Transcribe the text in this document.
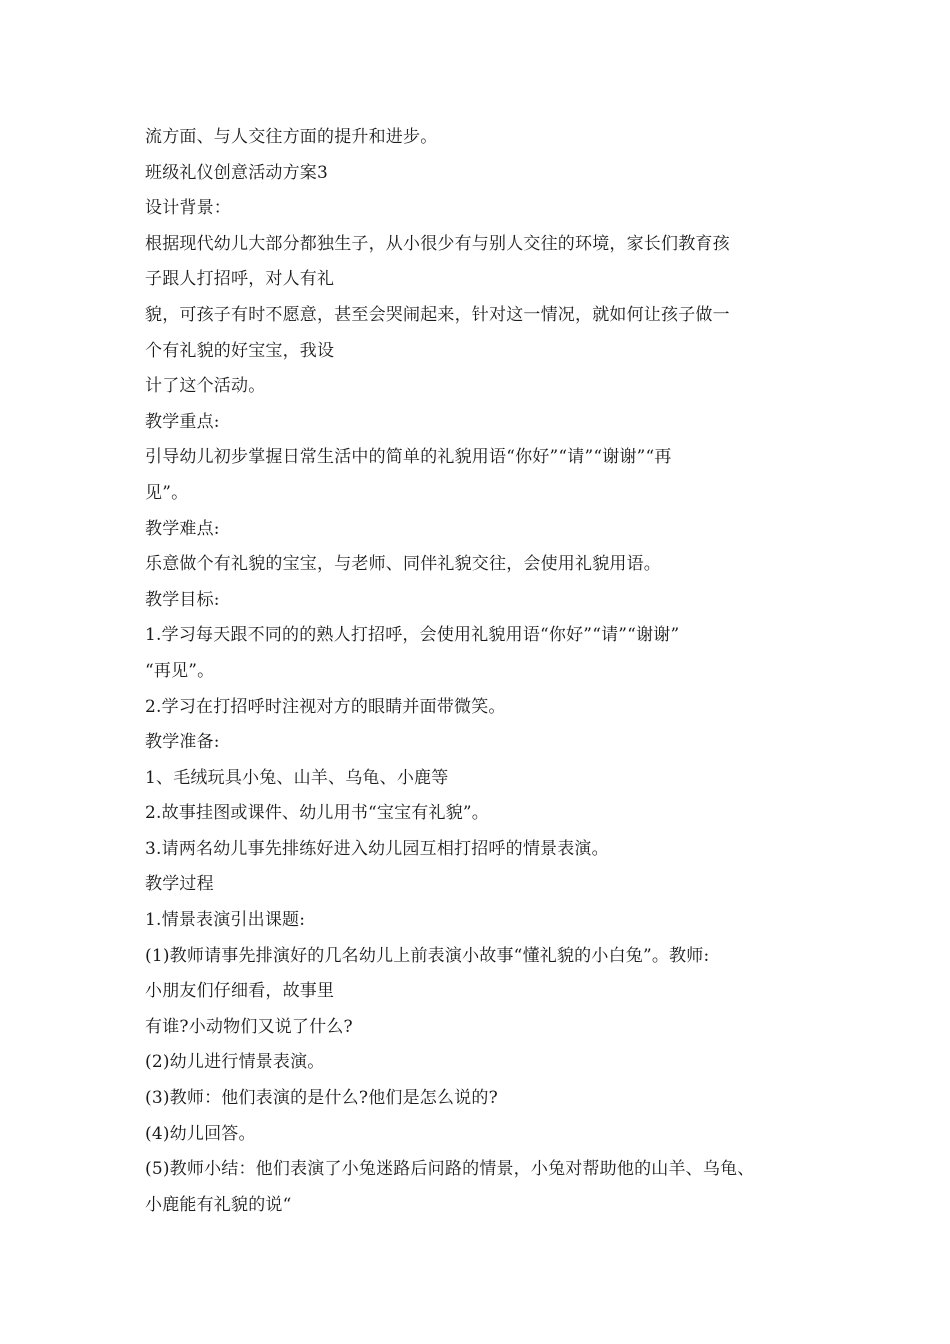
流方面、与人交往方面的提升和进步。
班级礼仪创意活动方案3
设计背景：
根据现代幼儿大部分都独生子，从小很少有与别人交往的环境，家长们教育孩
子跟人打招呼，对人有礼
貌，可孩子有时不愿意，甚至会哭闹起来，针对这一情况，就如何让孩子做一
个有礼貌的好宝宝，我设
计了这个活动。
教学重点:
引导幼儿初步掌握日常生活中的简单的礼貌用语“你好”“请”“谢谢”“再
见”。
教学难点:
乐意做个有礼貌的宝宝，与老师、同伴礼貌交往，会使用礼貌用语。
教学目标:
1.学习每天跟不同的的熟人打招呼，会使用礼貌用语“你好”“请”“谢谢”
“再见”。
2.学习在打招呼时注视对方的眼睛并面带微笑。
教学准备:
1、毛绒玩具小兔、山羊、乌龟、小鹿等
2.故事挂图或课件、幼儿用书“宝宝有礼貌”。
3.请两名幼儿事先排练好进入幼儿园互相打招呼的情景表演。
教学过程
1.情景表演引出课题:
(1)教师请事先排演好的几名幼儿上前表演小故事“懂礼貌的小白兔”。教师:
小朋友们仔细看，故事里
有谁?小动物们又说了什么?
(2)幼儿进行情景表演。
(3)教师：他们表演的是什么?他们是怎么说的?
(4)幼儿回答。
(5)教师小结：他们表演了小兔迷路后问路的情景，小兔对帮助他的山羊、乌龟、
小鹿能有礼貌的说“
